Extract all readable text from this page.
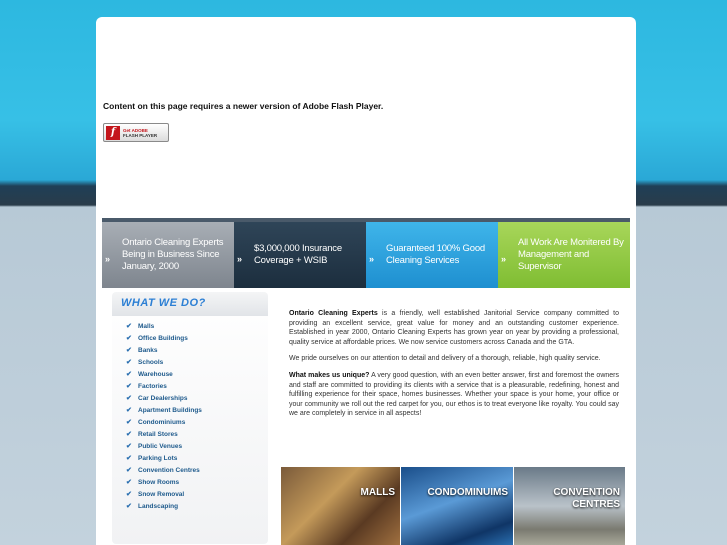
Content on this page requires a newer version of Adobe Flash Player.
f	Get ADOBE
FLASH PLAYER
»
Ontario Cleaning Experts Being in Business Since January, 2000
»
$3,000,000 Insurance Coverage + WSIB	»
Guaranteed 100% Good Cleaning Services	»
All Work Are Monitered By Management and Supervisor
WHAT WE DO?
✔ Malls
✔ Office Buildings
✔ Banks
✔ Schools
✔ Warehouse
✔ Factories
✔ Car Dealerships
✔ Apartment Buildings
✔ Condominiums
✔ Retail Stores
✔ Public Venues
✔ Parking Lots
✔ Convention Centres
✔ Show Rooms
✔ Snow Removal
✔ Landscaping

Ontario Cleaning Experts is a friendly, well established Janitorial Service company committed to providing an excellent service, great value for money and an outstanding customer experience. Established in year 2000, Ontario Cleaning Experts has grown year on year by providing a professional, quality service at affordable prices. We now service customers across Canada and the GTA.

We pride ourselves on our attention to detail and delivery of a thorough, reliable, high quality service.

What makes us unique? A very good question, with an even better answer, first and foremost the owners and staff are committed to providing its clients with a service that is a pleasurable, redefining, honest and fulfilling experience for their space, homes businesses. Whether your space is your home, your office or your community we roll out the red carpet for you, our ethos is to treat everyone like royalty. You could say we are completely in service in all aspects!

MALLS	CONDOMINUIMS	CONVENTION CENTRES
